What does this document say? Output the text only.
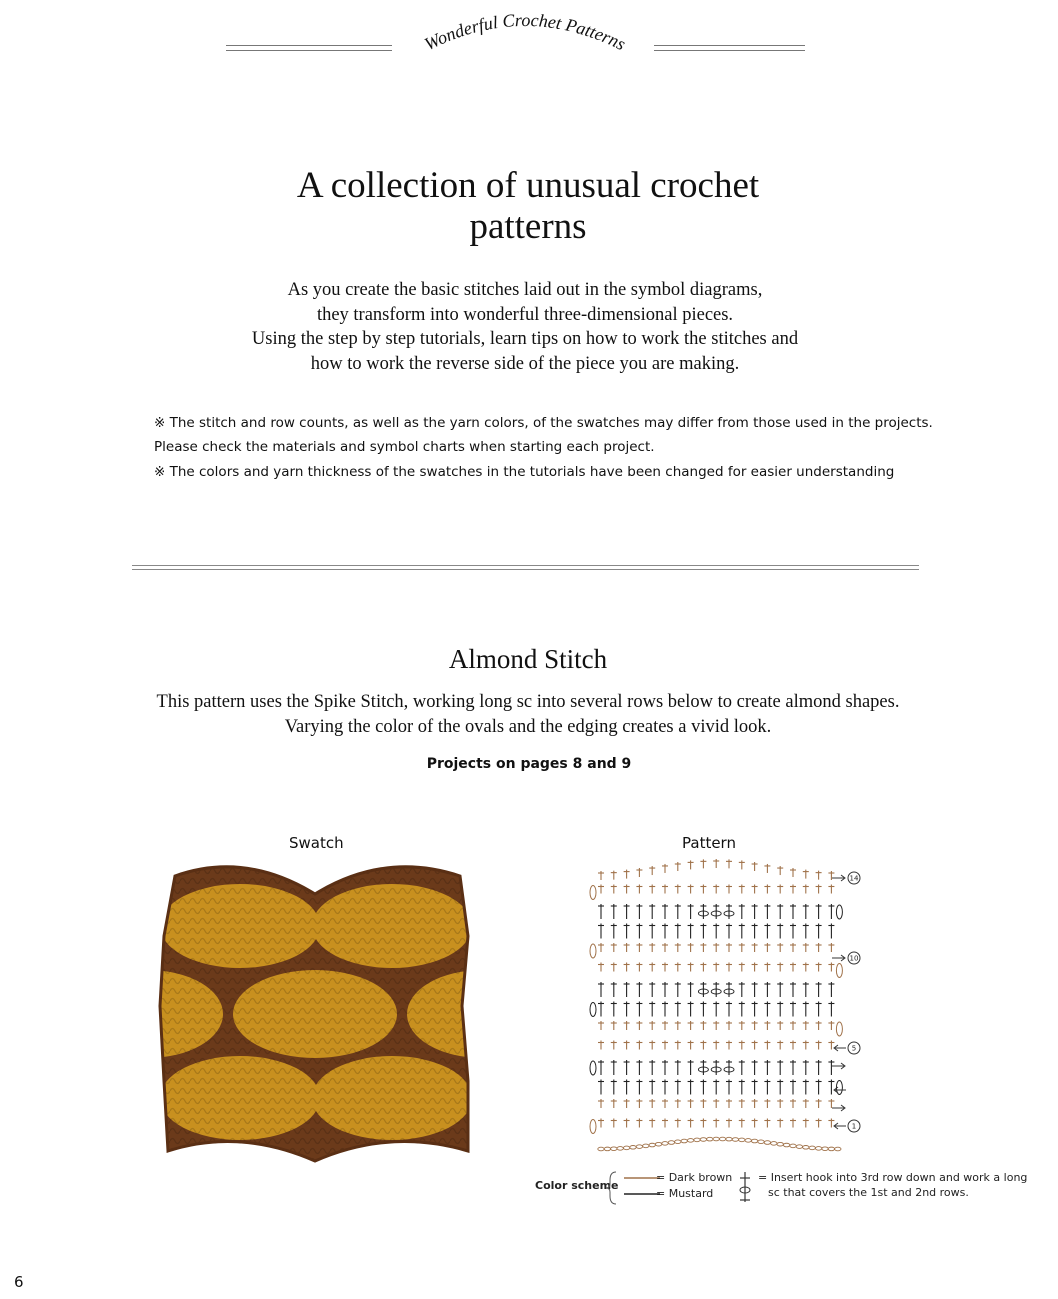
Wonderful Crochet Patterns
A collection of unusual crochet
patterns
As you create the basic stitches laid out in the symbol diagrams,
they transform into wonderful three-dimensional pieces.
Using the step by step tutorials, learn tips on how to work the stitches and
how to work the reverse side of the piece you are making.
※ The stitch and row counts, as well as the yarn colors, of the swatches may differ from those used in the projects.
Please check the materials and symbol charts when starting each project.
※ The colors and yarn thickness of the swatches in the tutorials have been changed for easier understanding
Almond Stitch
This pattern uses the Spike Stitch, working long sc into several rows below to create almond shapes.
Varying the color of the ovals and the edging creates a vivid look.
Projects on pages 8 and 9
Swatch	Pattern
14
10
5
1
Color scheme
= Dark brown
= Mustard
= Insert hook into 3rd row down and work a long
sc that covers the 1st and 2nd rows.
6
